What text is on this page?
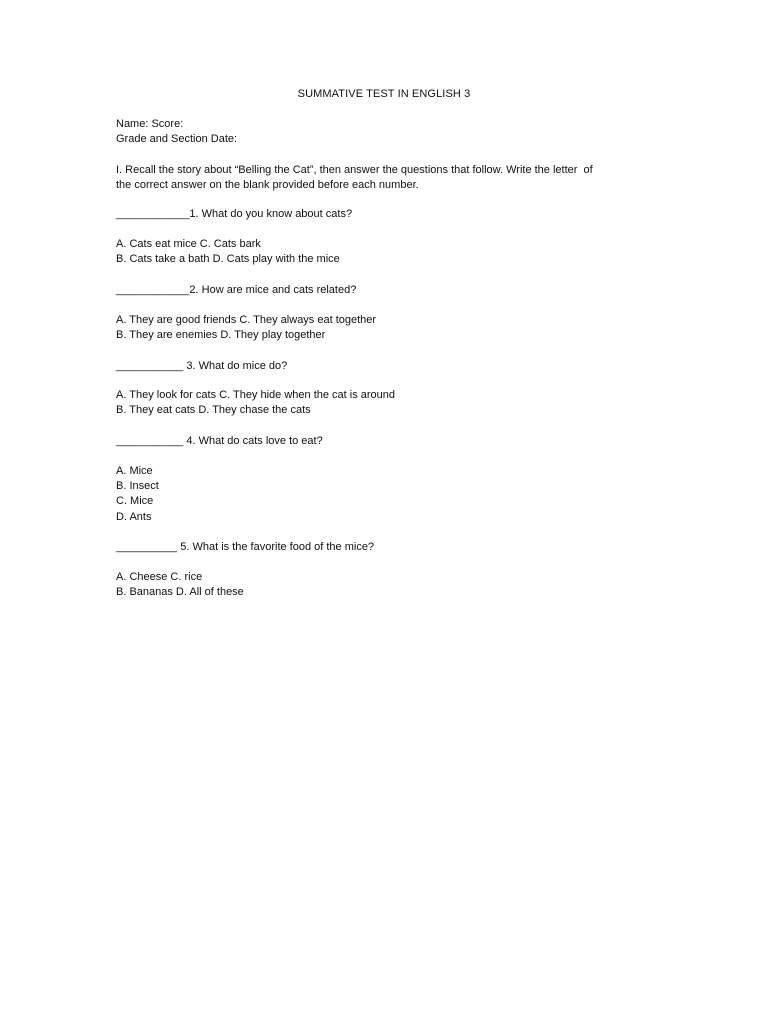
SUMMATIVE TEST IN ENGLISH 3
Name: Score:
Grade and Section Date:
I. Recall the story about “Belling the Cat”, then answer the questions that follow. Write the letter  of
the correct answer on the blank provided before each number.
____________1. What do you know about cats?
A. Cats eat mice C. Cats bark
B. Cats take a bath D. Cats play with the mice
____________2. How are mice and cats related?
A. They are good friends C. They always eat together
B. They are enemies D. They play together
___________ 3. What do mice do?
A. They look for cats C. They hide when the cat is around
B. They eat cats D. They chase the cats
___________ 4. What do cats love to eat?
A. Mice
B. Insect
C. Mice
D. Ants
__________ 5. What is the favorite food of the mice?
A. Cheese C. rice
B. Bananas D. All of these
